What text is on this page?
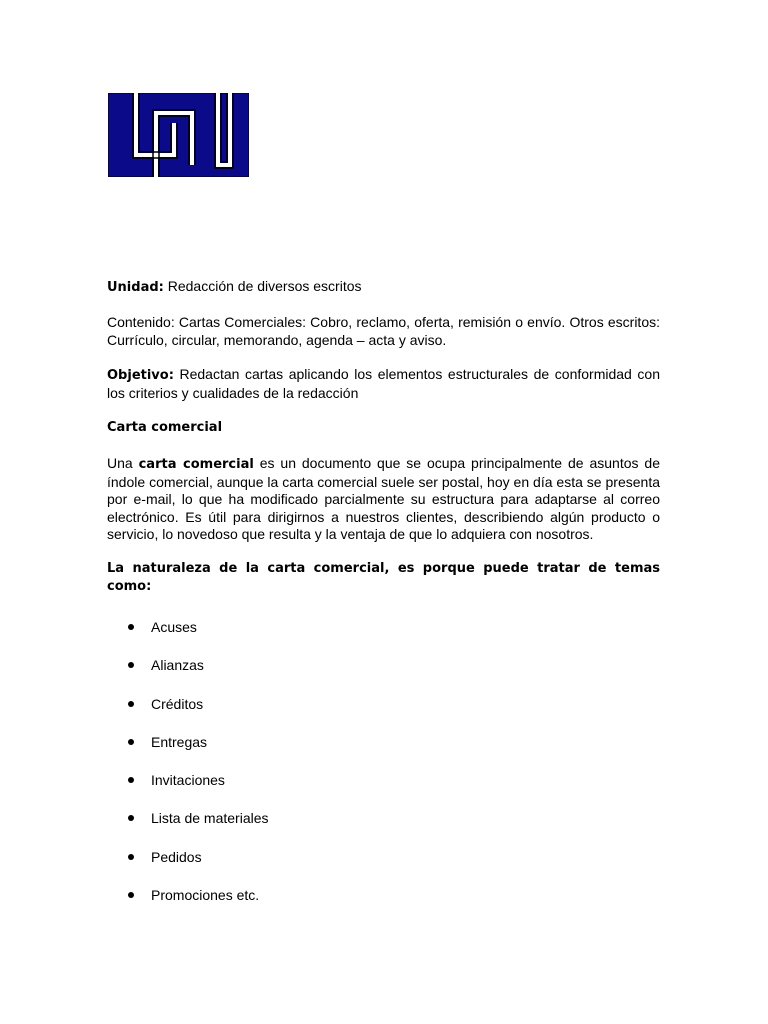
Unidad: Redacción de diversos escritos

Contenido: Cartas Comerciales: Cobro, reclamo, oferta, remisión o envío. Otros escritos: Currículo, circular, memorando, agenda – acta y aviso.

Objetivo: Redactan cartas aplicando los elementos estructurales de conformidad con los criterios y cualidades de la redacción

Carta comercial

Una carta comercial es un documento que se ocupa principalmente de asuntos de índole comercial, aunque la carta comercial suele ser postal, hoy en día esta se presenta por e-mail, lo que ha modificado parcialmente su estructura para adaptarse al correo electrónico. Es útil para dirigirnos a nuestros clientes, describiendo algún producto o servicio, lo novedoso que resulta y la ventaja de que lo adquiera con nosotros.

La naturaleza de la carta comercial, es porque puede tratar de temas como:

Acuses
Alianzas
Créditos
Entregas
Invitaciones
Lista de materiales
Pedidos
Promociones etc.
